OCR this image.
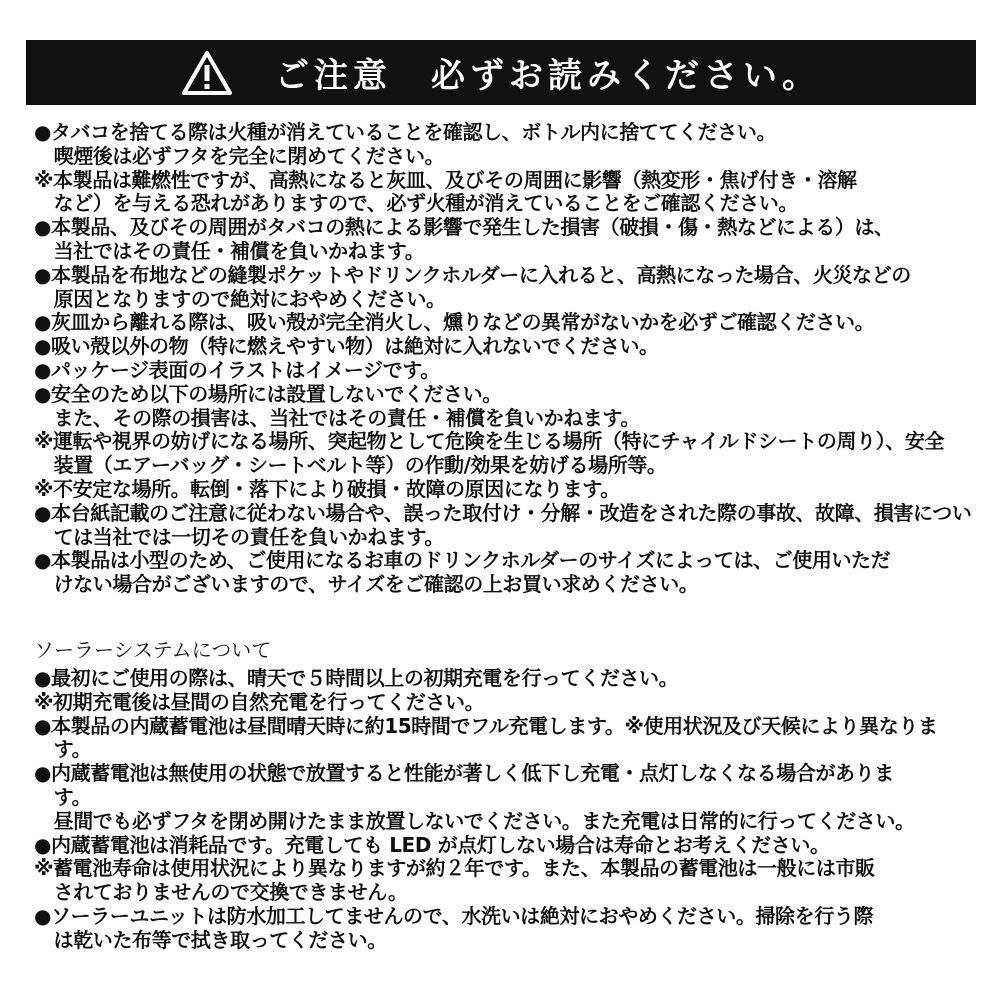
ご注意　必ずお読みください。
●タバコを捨てる際は火種が消えていることを確認し、ボトル内に捨ててください。
　喫煙後は必ずフタを完全に閉めてください。
※本製品は難燃性ですが、高熱になると灰皿、及びその周囲に影響（熱変形・焦げ付き・溶解
　など）を与える恐れがありますので、必ず火種が消えていることをご確認ください。
●本製品、及びその周囲がタバコの熱による影響で発生した損害（破損・傷・熱などによる）は、
　当社ではその責任・補償を負いかねます。
●本製品を布地などの縫製ポケットやドリンクホルダーに入れると、高熱になった場合、火災などの
　原因となりますので絶対におやめください。
●灰皿から離れる際は、吸い殻が完全消火し、燻りなどの異常がないかを必ずご確認ください。
●吸い殻以外の物（特に燃えやすい物）は絶対に入れないでください。
●パッケージ表面のイラストはイメージです。
●安全のため以下の場所には設置しないでください。
　また、その際の損害は、当社ではその責任・補償を負いかねます。
※運転や視界の妨げになる場所、突起物として危険を生じる場所（特にチャイルドシートの周り）、安全
　装置（エアーバッグ・シートベルト等）の作動/効果を妨げる場所等。
※不安定な場所。転倒・落下により破損・故障の原因になります。
●本台紙記載のご注意に従わない場合や、誤った取付け・分解・改造をされた際の事故、故障、損害につい
　ては当社では一切その責任を負いかねます。
●本製品は小型のため、ご使用になるお車のドリンクホルダーのサイズによっては、ご使用いただ
　けない場合がございますので、サイズをご確認の上お買い求めください。
ソーラーシステムについて
●最初にご使用の際は、晴天で５時間以上の初期充電を行ってください。
※初期充電後は昼間の自然充電を行ってください。
●本製品の内蔵蓄電池は昼間晴天時に約15時間でフル充電します。※使用状況及び天候により異なりま
　す。
●内蔵蓄電池は無使用の状態で放置すると性能が著しく低下し充電・点灯しなくなる場合がありま
　す。
　昼間でも必ずフタを閉め開けたまま放置しないでください。また充電は日常的に行ってください。
●内蔵蓄電池は消耗品です。充電しても LED が点灯しない場合は寿命とお考えください。
※蓄電池寿命は使用状況により異なりますが約２年です。また、本製品の蓄電池は一般には市販
　されておりませんので交換できません。
●ソーラーユニットは防水加工してませんので、水洗いは絶対におやめください。掃除を行う際
　は乾いた布等で拭き取ってください。
